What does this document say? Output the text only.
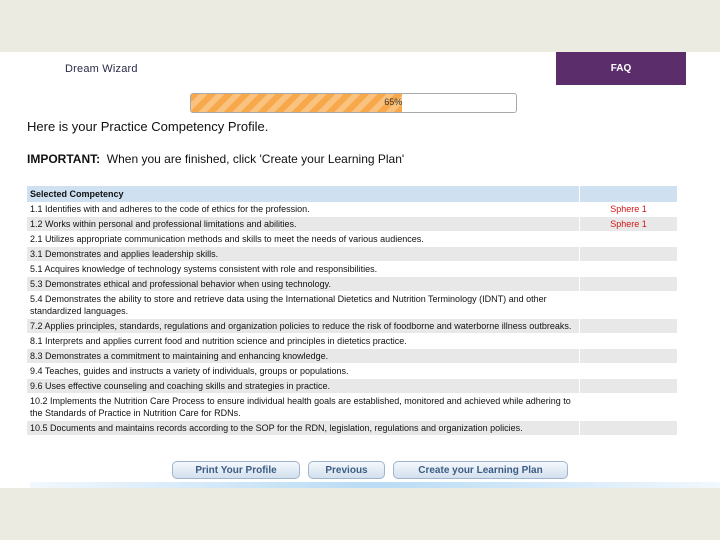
Dream Wizard	FAQ
65%
Here is your Practice Competency Profile.
IMPORTANT: When you are finished, click 'Create your Learning Plan'
Selected Competency	
1.1 Identifies with and adheres to the code of ethics for the profession.	Sphere 1
1.2 Works within personal and professional limitations and abilities.	Sphere 1
2.1 Utilizes appropriate communication methods and skills to meet the needs of various audiences.	
3.1 Demonstrates and applies leadership skills.	
5.1 Acquires knowledge of technology systems consistent with role and responsibilities.	
5.3 Demonstrates ethical and professional behavior when using technology.	
5.4 Demonstrates the ability to store and retrieve data using the International Dietetics and Nutrition Terminology (IDNT) and other standardized languages.	
7.2 Applies principles, standards, regulations and organization policies to reduce the risk of foodborne and waterborne illness outbreaks.	
8.1 Interprets and applies current food and nutrition science and principles in dietetics practice.	
8.3 Demonstrates a commitment to maintaining and enhancing knowledge.	
9.4 Teaches, guides and instructs a variety of individuals, groups or populations.	
9.6 Uses effective counseling and coaching skills and strategies in practice.	
10.2 Implements the Nutrition Care Process to ensure individual health goals are established, monitored and achieved while adhering to the Standards of Practice in Nutrition Care for RDNs.	
10.5 Documents and maintains records according to the SOP for the RDN, legislation, regulations and organization policies.	
Print Your Profile	Previous	Create your Learning Plan
